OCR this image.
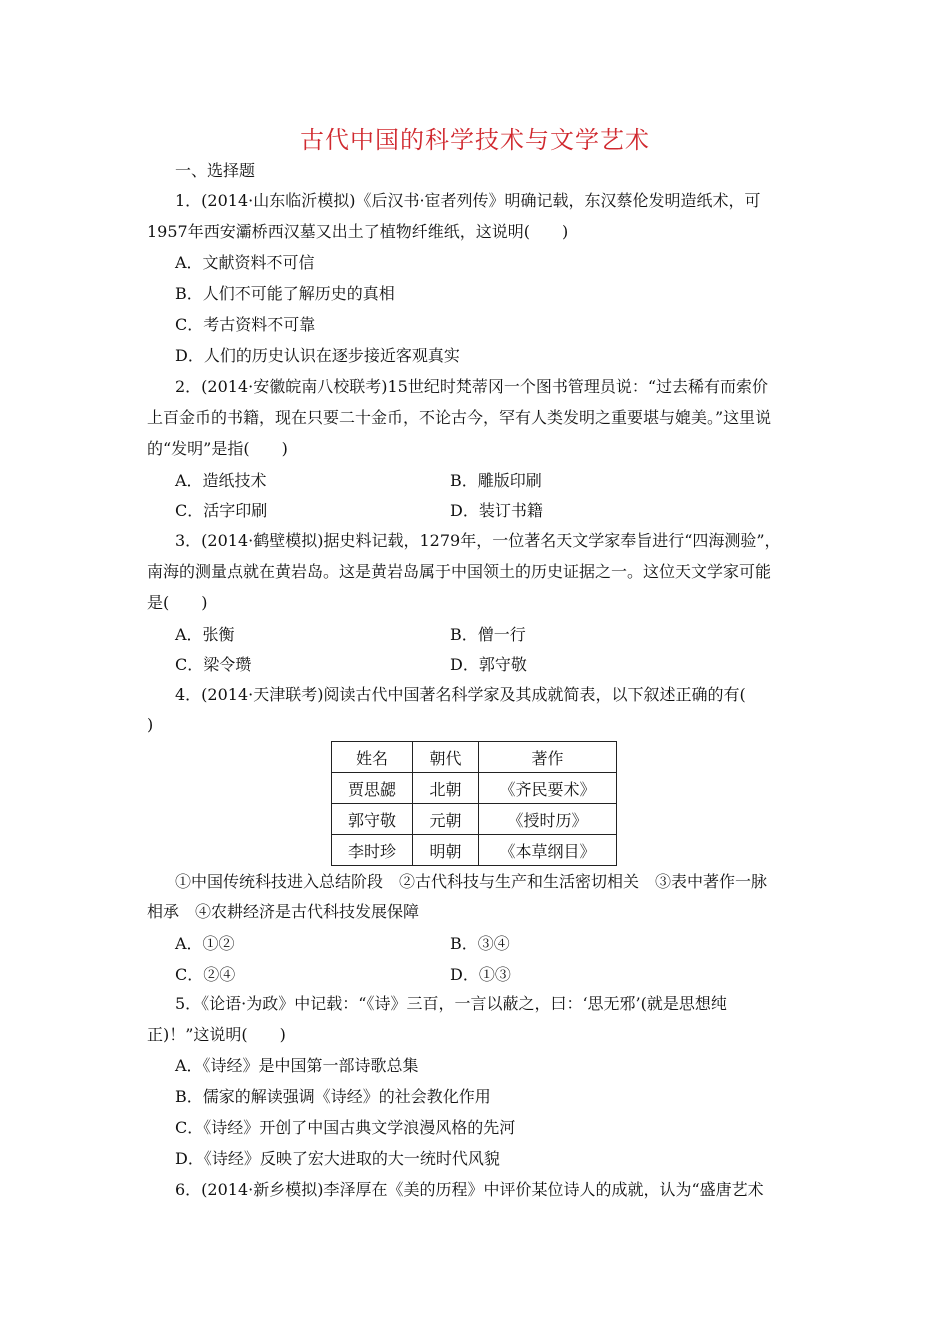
古代中国的科学技术与文学艺术
一、选择题
1．(2014·山东临沂模拟)《后汉书·宦者列传》明确记载，东汉蔡伦发明造纸术，可
1957年西安灞桥西汉墓又出土了植物纤维纸，这说明(　　)
A．文献资料不可信
B．人们不可能了解历史的真相
C．考古资料不可靠
D．人们的历史认识在逐步接近客观真实
2．(2014·安徽皖南八校联考)15世纪时梵蒂冈一个图书管理员说：“过去稀有而索价
上百金币的书籍，现在只要二十金币，不论古今，罕有人类发明之重要堪与媲美。”这里说
的“发明”是指(　　)
A．造纸技术	B．雕版印刷
C．活字印刷	D．装订书籍
3．(2014·鹤壁模拟)据史料记载，1279年，一位著名天文学家奉旨进行“四海测验”，
南海的测量点就在黄岩岛。这是黄岩岛属于中国领土的历史证据之一。这位天文学家可能
是(　　)
A．张衡	B．僧一行
C．梁令瓒	D．郭守敬
4．(2014·天津联考)阅读古代中国著名科学家及其成就简表，以下叙述正确的有(
)
姓名	朝代	著作
贾思勰	北朝	《齐民要术》
郭守敬	元朝	《授时历》
李时珍	明朝	《本草纲目》
①中国传统科技进入总结阶段　②古代科技与生产和生活密切相关　③表中著作一脉
相承　④农耕经济是古代科技发展保障
A．①②	B．③④
C．②④	D．①③
5．《论语·为政》中记载：“《诗》三百，一言以蔽之，曰：‘思无邪’(就是思想纯
正)！”这说明(　　)
A．《诗经》是中国第一部诗歌总集
B．儒家的解读强调《诗经》的社会教化作用
C．《诗经》开创了中国古典文学浪漫风格的先河
D．《诗经》反映了宏大进取的大一统时代风貌
6．(2014·新乡模拟)李泽厚在《美的历程》中评价某位诗人的成就，认为“盛唐艺术
